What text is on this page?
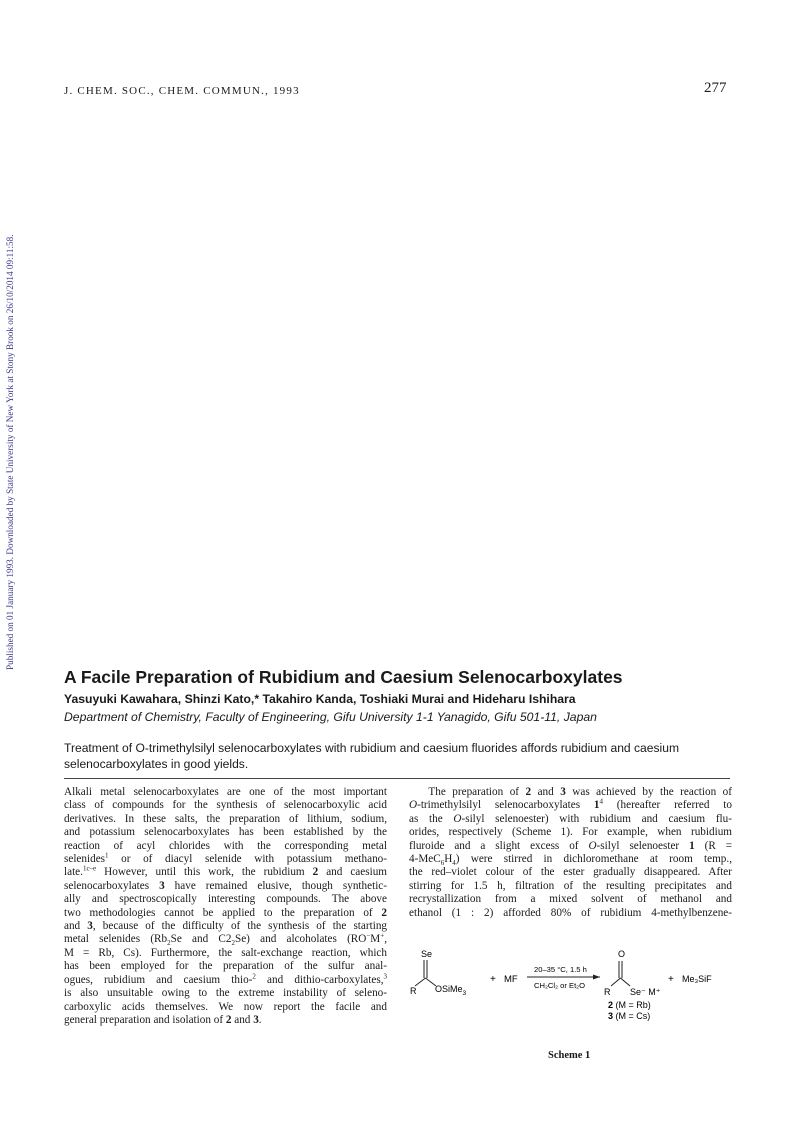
J. CHEM. SOC., CHEM. COMMUN., 1993	277
Published on 01 January 1993. Downloaded by State University of New York at Stony Brook on 26/10/2014 09:11:58.
A Facile Preparation of Rubidium and Caesium Selenocarboxylates
Yasuyuki Kawahara, Shinzi Kato,* Takahiro Kanda, Toshiaki Murai and Hideharu Ishihara
Department of Chemistry, Faculty of Engineering, Gifu University 1-1 Yanagido, Gifu 501-11, Japan
Treatment of O-trimethylsilyl selenocarboxylates with rubidium and caesium fluorides affords rubidium and caesium
selenocarboxylates in good yields.

Alkali metal selenocarboxylates are one of the most important
class of compounds for the synthesis of selenocarboxylic acid
derivatives. In these salts, the preparation of lithium, sodium,
and potassium selenocarboxylates has been established by the
reaction of acyl chlorides with the corresponding metal
selenides$^1$ or of diacyl selenide with potassium methano-
late.$^{1c-e}$ However, until this work, the rubidium 2 and caesium
selenocarboxylates 3 have remained elusive, though synthetic-
ally and spectroscopically interesting compounds. The above
two methodologies cannot be applied to the preparation of 2
and 3, because of the difficulty of the synthesis of the starting
metal selenides ($Rb_2Se$ and $C2_2Se$) and alcoholates (RO−M+,
M = Rb, Cs). Furthermore, the salt-exchange reaction, which
has been employed for the preparation of the sulfur anal-
ogues, rubidium and caesium thio-$^2$ and dithio-carboxylates,$^3$
is also unsuitable owing to the extreme instability of seleno-
carboxylic acids themselves. We now report the facile and
general preparation and isolation of 2 and 3.

The preparation of 2 and 3 was achieved by the reaction of
O-trimethylsilyl selenocarboxylates $1^4$ (hereafter referred to
as the O-silyl selenoester) with rubidium and caesium flu-
orides, respectively (Scheme 1). For example, when rubidium
fluroide and a slight excess of O-silyl selenoester 1 (R =
$4-MeC_6H_4$) were stirred in dichloromethane at room temp.,
the red–violet colour of the ester gradually disappeared. After
stirring for 1.5 h, filtration of the resulting precipitates and
recrystallization from a mixed solvent of methanol and
ethanol (1 : 2) afforded 80% of rubidium 4-methylbenzene-

Se
R OSiMe$_3$
+ MF
20–35 °C, 1.5 h
CH₂Cl₂ or Et₂O
O
R Se⁻ M⁺
+ Me₃SiF
2 (M = Rb)
3 (M = Cs)
Scheme 1
